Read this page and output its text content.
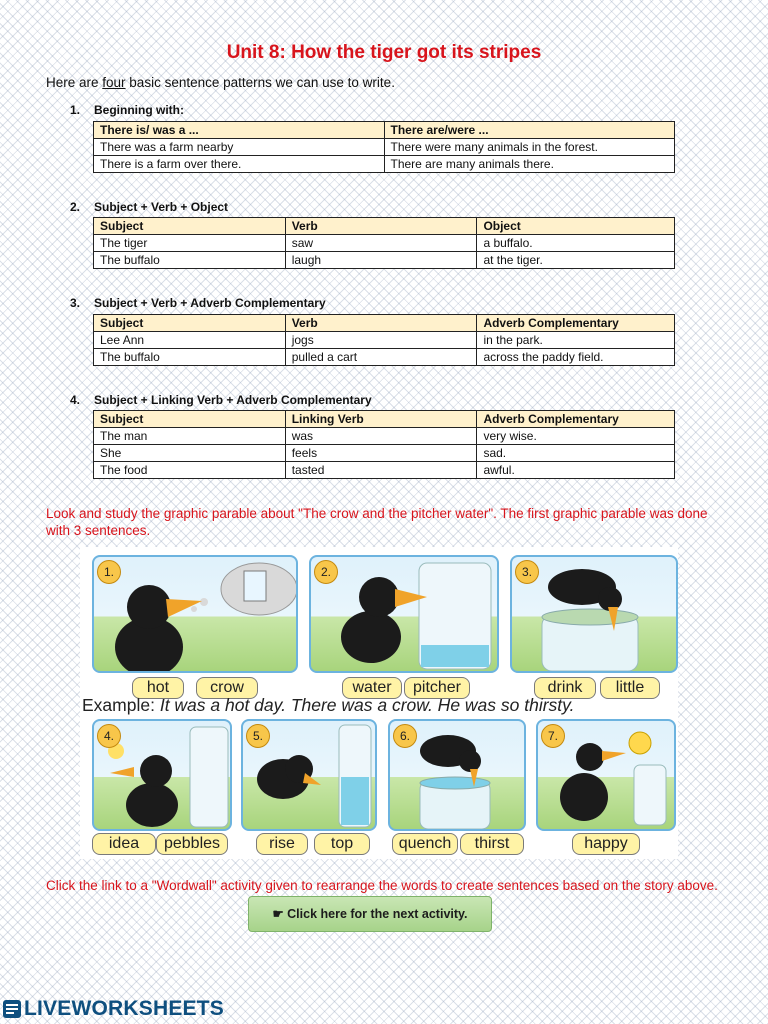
Unit 8: How the tiger got its stripes
Here are four basic sentence patterns we can use to write.
1. Beginning with:
There is/ was a ...	There are/were ...
There was a farm nearby	There were many animals in the forest.
There is a farm over there.	There are many animals there.
2. Subject + Verb + Object
Subject	Verb	Object
The tiger	saw	a buffalo.
The buffalo	laugh	at the tiger.
3. Subject + Verb + Adverb Complementary
Subject	Verb	Adverb Complementary
Lee Ann	jogs	in the park.
The buffalo	pulled a cart	across the paddy field.
4. Subject + Linking Verb + Adverb Complementary
Subject	Linking Verb	Adverb Complementary
The man	was	very wise.
She	feels	sad.
The food	tasted	awful.
Look and study the graphic parable about "The crow and the pitcher water". The first graphic parable was done with 3 sentences.
1.	2.	3.
hot	crow	water	pitcher	drink	little
Example: It was a hot day. There was a crow. He was so thirsty.
4.	5.	6.	7.
idea	pebbles	rise	top	quench	thirst	happy
Click the link to a "Wordwall" activity given to rearrange the words to create sentences based on the story above.
☛ Click here for the next activity.
LIVEWORKSHEETS
